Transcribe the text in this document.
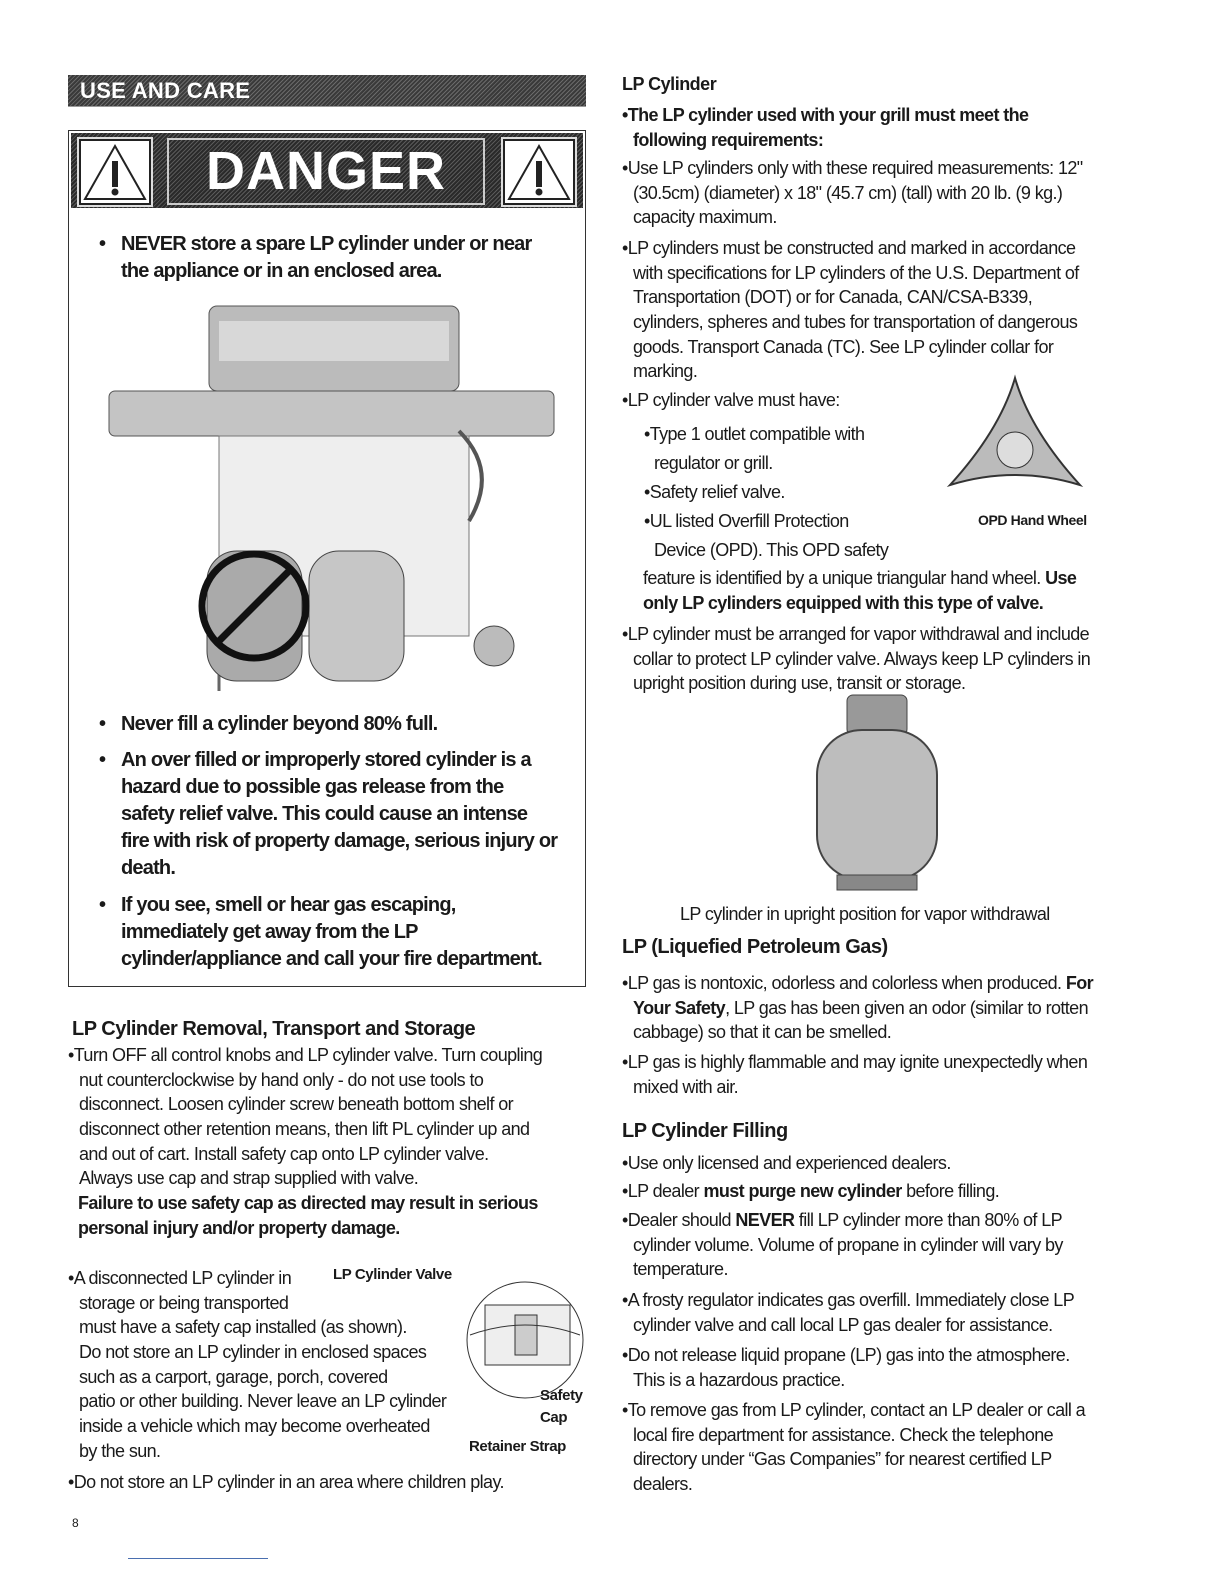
USE AND CARE
DANGER
• NEVER store a spare LP cylinder under or near
the appliance or in an enclosed area.
• Never fill a cylinder beyond 80% full.
• An over filled or improperly stored cylinder is a
hazard due to possible gas release from the
safety relief valve. This could cause an intense
fire with risk of property damage, serious injury or
death.
• If you see, smell or hear gas escaping,
immediately get away from the LP
cylinder/appliance and call your fire department.
LP Cylinder Removal, Transport and Storage
•Turn OFF all control knobs and LP cylinder valve. Turn coupling
nut counterclockwise by hand only - do not use tools to
disconnect. Loosen cylinder screw beneath bottom shelf or
disconnect other retention means, then lift PL cylinder up and
and out of cart. Install safety cap onto LP cylinder valve.
Always use cap and strap supplied with valve.
Failure to use safety cap as directed may result in serious
personal injury and/or property damage.
•A disconnected LP cylinder in
storage or being transported
must have a safety cap installed (as shown).
Do not store an LP cylinder in enclosed spaces
such as a carport, garage, porch, covered
patio or other building. Never leave an LP cylinder
inside a vehicle which may become overheated
by the sun.
•Do not store an LP cylinder in an area where children play.
LP Cylinder Valve
Safety
Cap
Retainer Strap
8
LP Cylinder
•The LP cylinder used with your grill must meet the
following requirements:
•Use LP cylinders only with these required measurements: 12"
(30.5cm) (diameter) x 18" (45.7 cm) (tall) with 20 lb. (9 kg.)
capacity maximum.
•LP cylinders must be constructed and marked in accordance
with specifications for LP cylinders of the U.S. Department of
Transportation (DOT) or for Canada, CAN/CSA-B339,
cylinders, spheres and tubes for transportation of dangerous
goods. Transport Canada (TC). See LP cylinder collar for
marking.
•LP cylinder valve must have:
•Type 1 outlet compatible with
regulator or grill.
•Safety relief valve.
•UL listed Overfill Protection
Device (OPD). This OPD safety
feature is identified by a unique triangular hand wheel. Use
only LP cylinders equipped with this type of valve.
OPD Hand Wheel
•LP cylinder must be arranged for vapor withdrawal and include
collar to protect LP cylinder valve. Always keep LP cylinders in
upright position during use, transit or storage.
LP cylinder in upright position for vapor withdrawal
LP (Liquefied Petroleum Gas)
•LP gas is nontoxic, odorless and colorless when produced. For
Your Safety, LP gas has been given an odor (similar to rotten
cabbage) so that it can be smelled.
•LP gas is highly flammable and may ignite unexpectedly when
mixed with air.
LP Cylinder Filling
•Use only licensed and experienced dealers.
•LP dealer must purge new cylinder before filling.
•Dealer should NEVER fill LP cylinder more than 80% of LP
cylinder volume. Volume of propane in cylinder will vary by
temperature.
•A frosty regulator indicates gas overfill. Immediately close LP
cylinder valve and call local LP gas dealer for assistance.
•Do not release liquid propane (LP) gas into the atmosphere.
This is a hazardous practice.
•To remove gas from LP cylinder, contact an LP dealer or call a
local fire department for assistance. Check the telephone
directory under “Gas Companies” for nearest certified LP
dealers.
